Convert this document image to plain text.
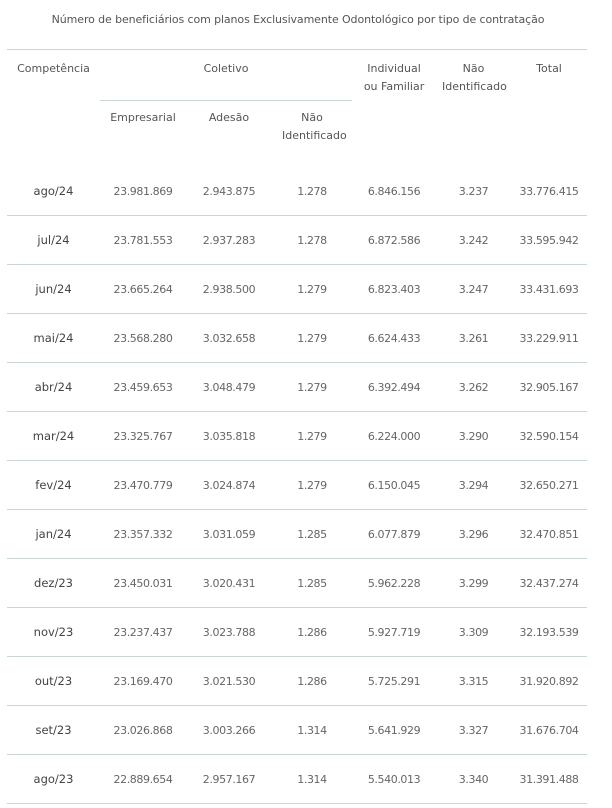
Número de beneficiários com planos Exclusivamente Odontológico por tipo de contratação
Competência	Coletivo			Individual ou Familiar	Não Identificado	Total
	Empresarial	Adesão	Não Identificado			
ago/24	23.981.869	2.943.875	1.278	6.846.156	3.237	33.776.415
jul/24	23.781.553	2.937.283	1.278	6.872.586	3.242	33.595.942
jun/24	23.665.264	2.938.500	1.279	6.823.403	3.247	33.431.693
mai/24	23.568.280	3.032.658	1.279	6.624.433	3.261	33.229.911
abr/24	23.459.653	3.048.479	1.279	6.392.494	3.262	32.905.167
mar/24	23.325.767	3.035.818	1.279	6.224.000	3.290	32.590.154
fev/24	23.470.779	3.024.874	1.279	6.150.045	3.294	32.650.271
jan/24	23.357.332	3.031.059	1.285	6.077.879	3.296	32.470.851
dez/23	23.450.031	3.020.431	1.285	5.962.228	3.299	32.437.274
nov/23	23.237.437	3.023.788	1.286	5.927.719	3.309	32.193.539
out/23	23.169.470	3.021.530	1.286	5.725.291	3.315	31.920.892
set/23	23.026.868	3.003.266	1.314	5.641.929	3.327	31.676.704
ago/23	22.889.654	2.957.167	1.314	5.540.013	3.340	31.391.488
